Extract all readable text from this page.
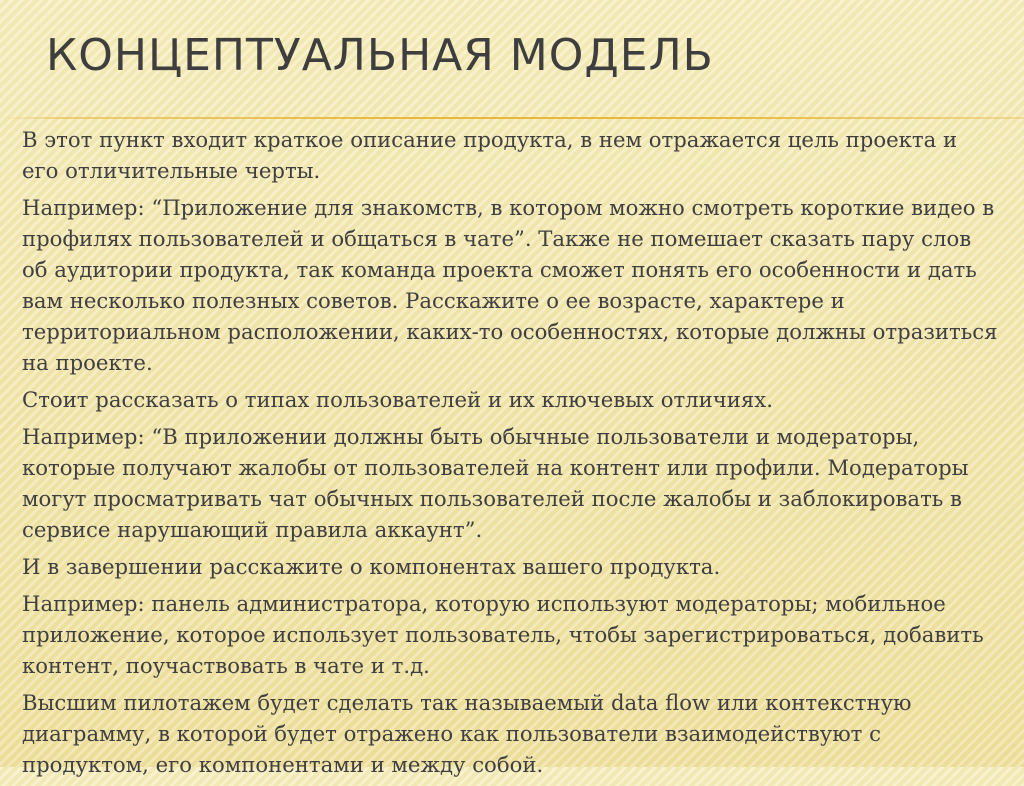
КОНЦЕПТУАЛЬНАЯ МОДЕЛЬ

В этот пункт входит краткое описание продукта, в нем отражается цель проекта и его отличительные черты.

Например: “Приложение для знакомств, в котором можно смотреть короткие видео в профилях пользователей и общаться в чате”. Также не помешает сказать пару слов об аудитории продукта, так команда проекта сможет понять его особенности и дать вам несколько полезных советов. Расскажите о ее возрасте, характере и территориальном расположении, каких-то особенностях, которые должны отразиться на проекте.

Стоит рассказать о типах пользователей и их ключевых отличиях.

Например: “В приложении должны быть обычные пользователи и модераторы, которые получают жалобы от пользователей на контент или профили. Модераторы могут просматривать чат обычных пользователей после жалобы и заблокировать в сервисе нарушающий правила аккаунт”.

И в завершении расскажите о компонентах вашего продукта.

Например: панель администратора, которую используют модераторы; мобильное приложение, которое использует пользователь, чтобы зарегистрироваться, добавить контент, поучаствовать в чате и т.д.

Высшим пилотажем будет сделать так называемый data flow или контекстную диаграмму, в которой будет отражено как пользователи взаимодействуют с продуктом, его компонентами и между собой.
